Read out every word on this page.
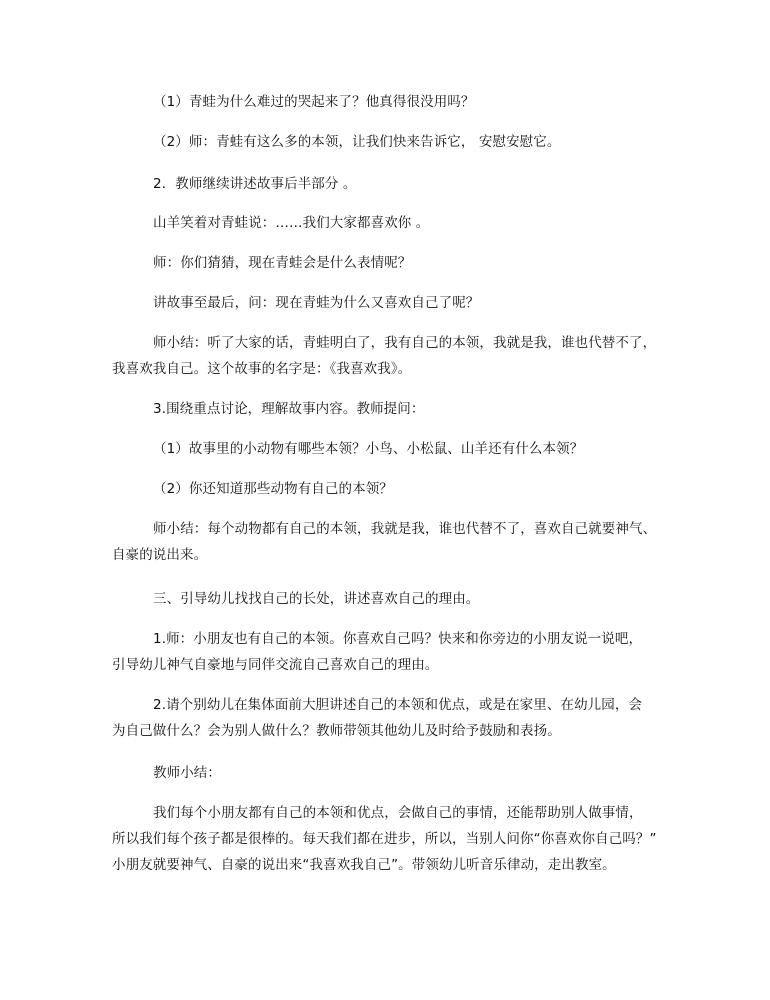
（1）青蛙为什么难过的哭起来了？他真得很没用吗？
（2）师：青蛙有这么多的本领，让我们快来告诉它， 安慰安慰它。
2．教师继续讲述故事后半部分 。
山羊笑着对青蛙说：……我们大家都喜欢你 。
师：你们猜猜，现在青蛙会是什么表情呢？
讲故事至最后，问：现在青蛙为什么又喜欢自己了呢？
师小结：听了大家的话，青蛙明白了，我有自己的本领，我就是我，谁也代替不了，
我喜欢我自己。这个故事的名字是：《我喜欢我》。
3.围绕重点讨论，理解故事内容。教师提问：
（1）故事里的小动物有哪些本领？小鸟、小松鼠、山羊还有什么本领？
（2）你还知道那些动物有自己的本领？
师小结：每个动物都有自己的本领，我就是我，谁也代替不了，喜欢自己就要神气、
自豪的说出来。
三、引导幼儿找找自己的长处，讲述喜欢自己的理由。
1.师：小朋友也有自己的本领。你喜欢自己吗？快来和你旁边的小朋友说一说吧，
引导幼儿神气自豪地与同伴交流自己喜欢自己的理由。
2.请个别幼儿在集体面前大胆讲述自己的本领和优点，或是在家里、在幼儿园，会
为自己做什么？会为别人做什么？教师带领其他幼儿及时给予鼓励和表扬。
教师小结：
我们每个小朋友都有自己的本领和优点，会做自己的事情，还能帮助别人做事情，
所以我们每个孩子都是很棒的。每天我们都在进步，所以，当别人问你“你喜欢你自己吗？”
小朋友就要神气、自豪的说出来“我喜欢我自己”。带领幼儿听音乐律动，走出教室。
